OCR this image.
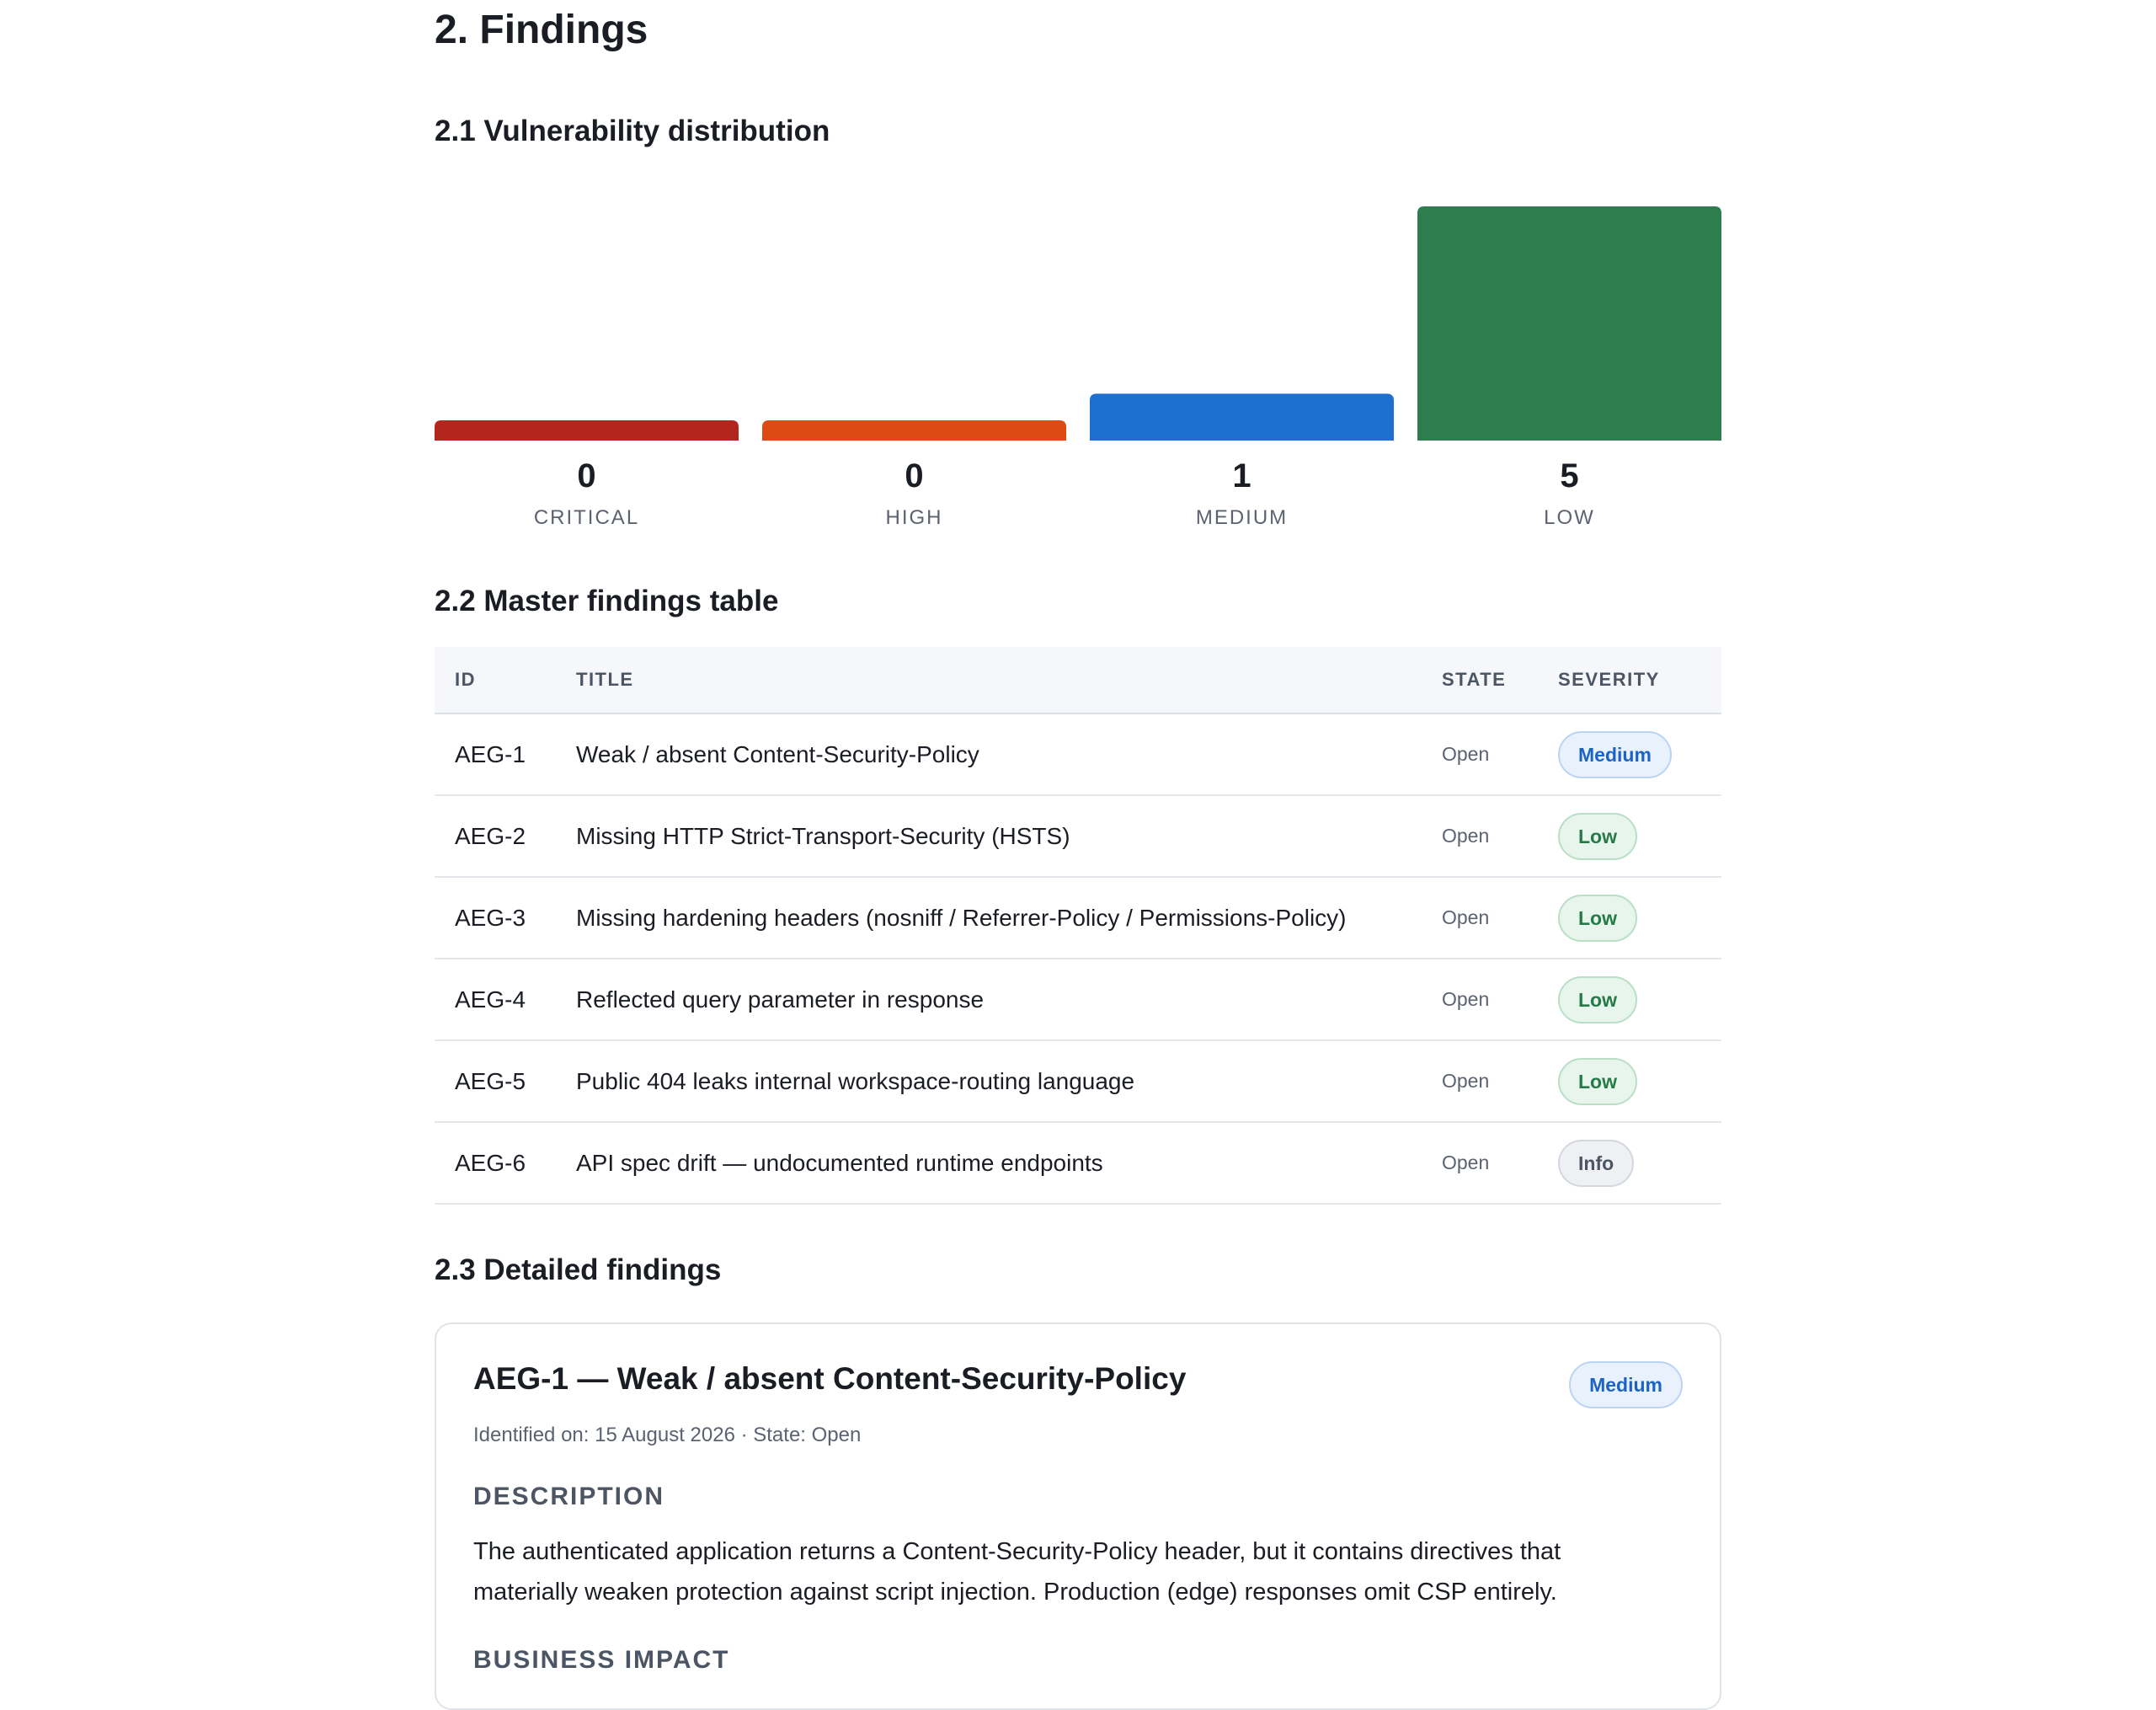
2. Findings
2.1 Vulnerability distribution
0
CRITICAL
0
HIGH
1
MEDIUM
5
LOW
2.2 Master findings table
ID	TITLE	STATE	SEVERITY
AEG-1	Weak / absent Content-Security-Policy	Open	Medium
AEG-2	Missing HTTP Strict-Transport-Security (HSTS)	Open	Low
AEG-3	Missing hardening headers (nosniff / Referrer-Policy / Permissions-Policy)	Open	Low
AEG-4	Reflected query parameter in response	Open	Low
AEG-5	Public 404 leaks internal workspace-routing language	Open	Low
AEG-6	API spec drift — undocumented runtime endpoints	Open	Info
2.3 Detailed findings
AEG-1 — Weak / absent Content-Security-Policy	Medium
Identified on: 15 August 2026 · State: Open
DESCRIPTION

The authenticated application returns a Content-Security-Policy header, but it contains directives that materially weaken protection against script injection. Production (edge) responses omit CSP entirely.

BUSINESS IMPACT
